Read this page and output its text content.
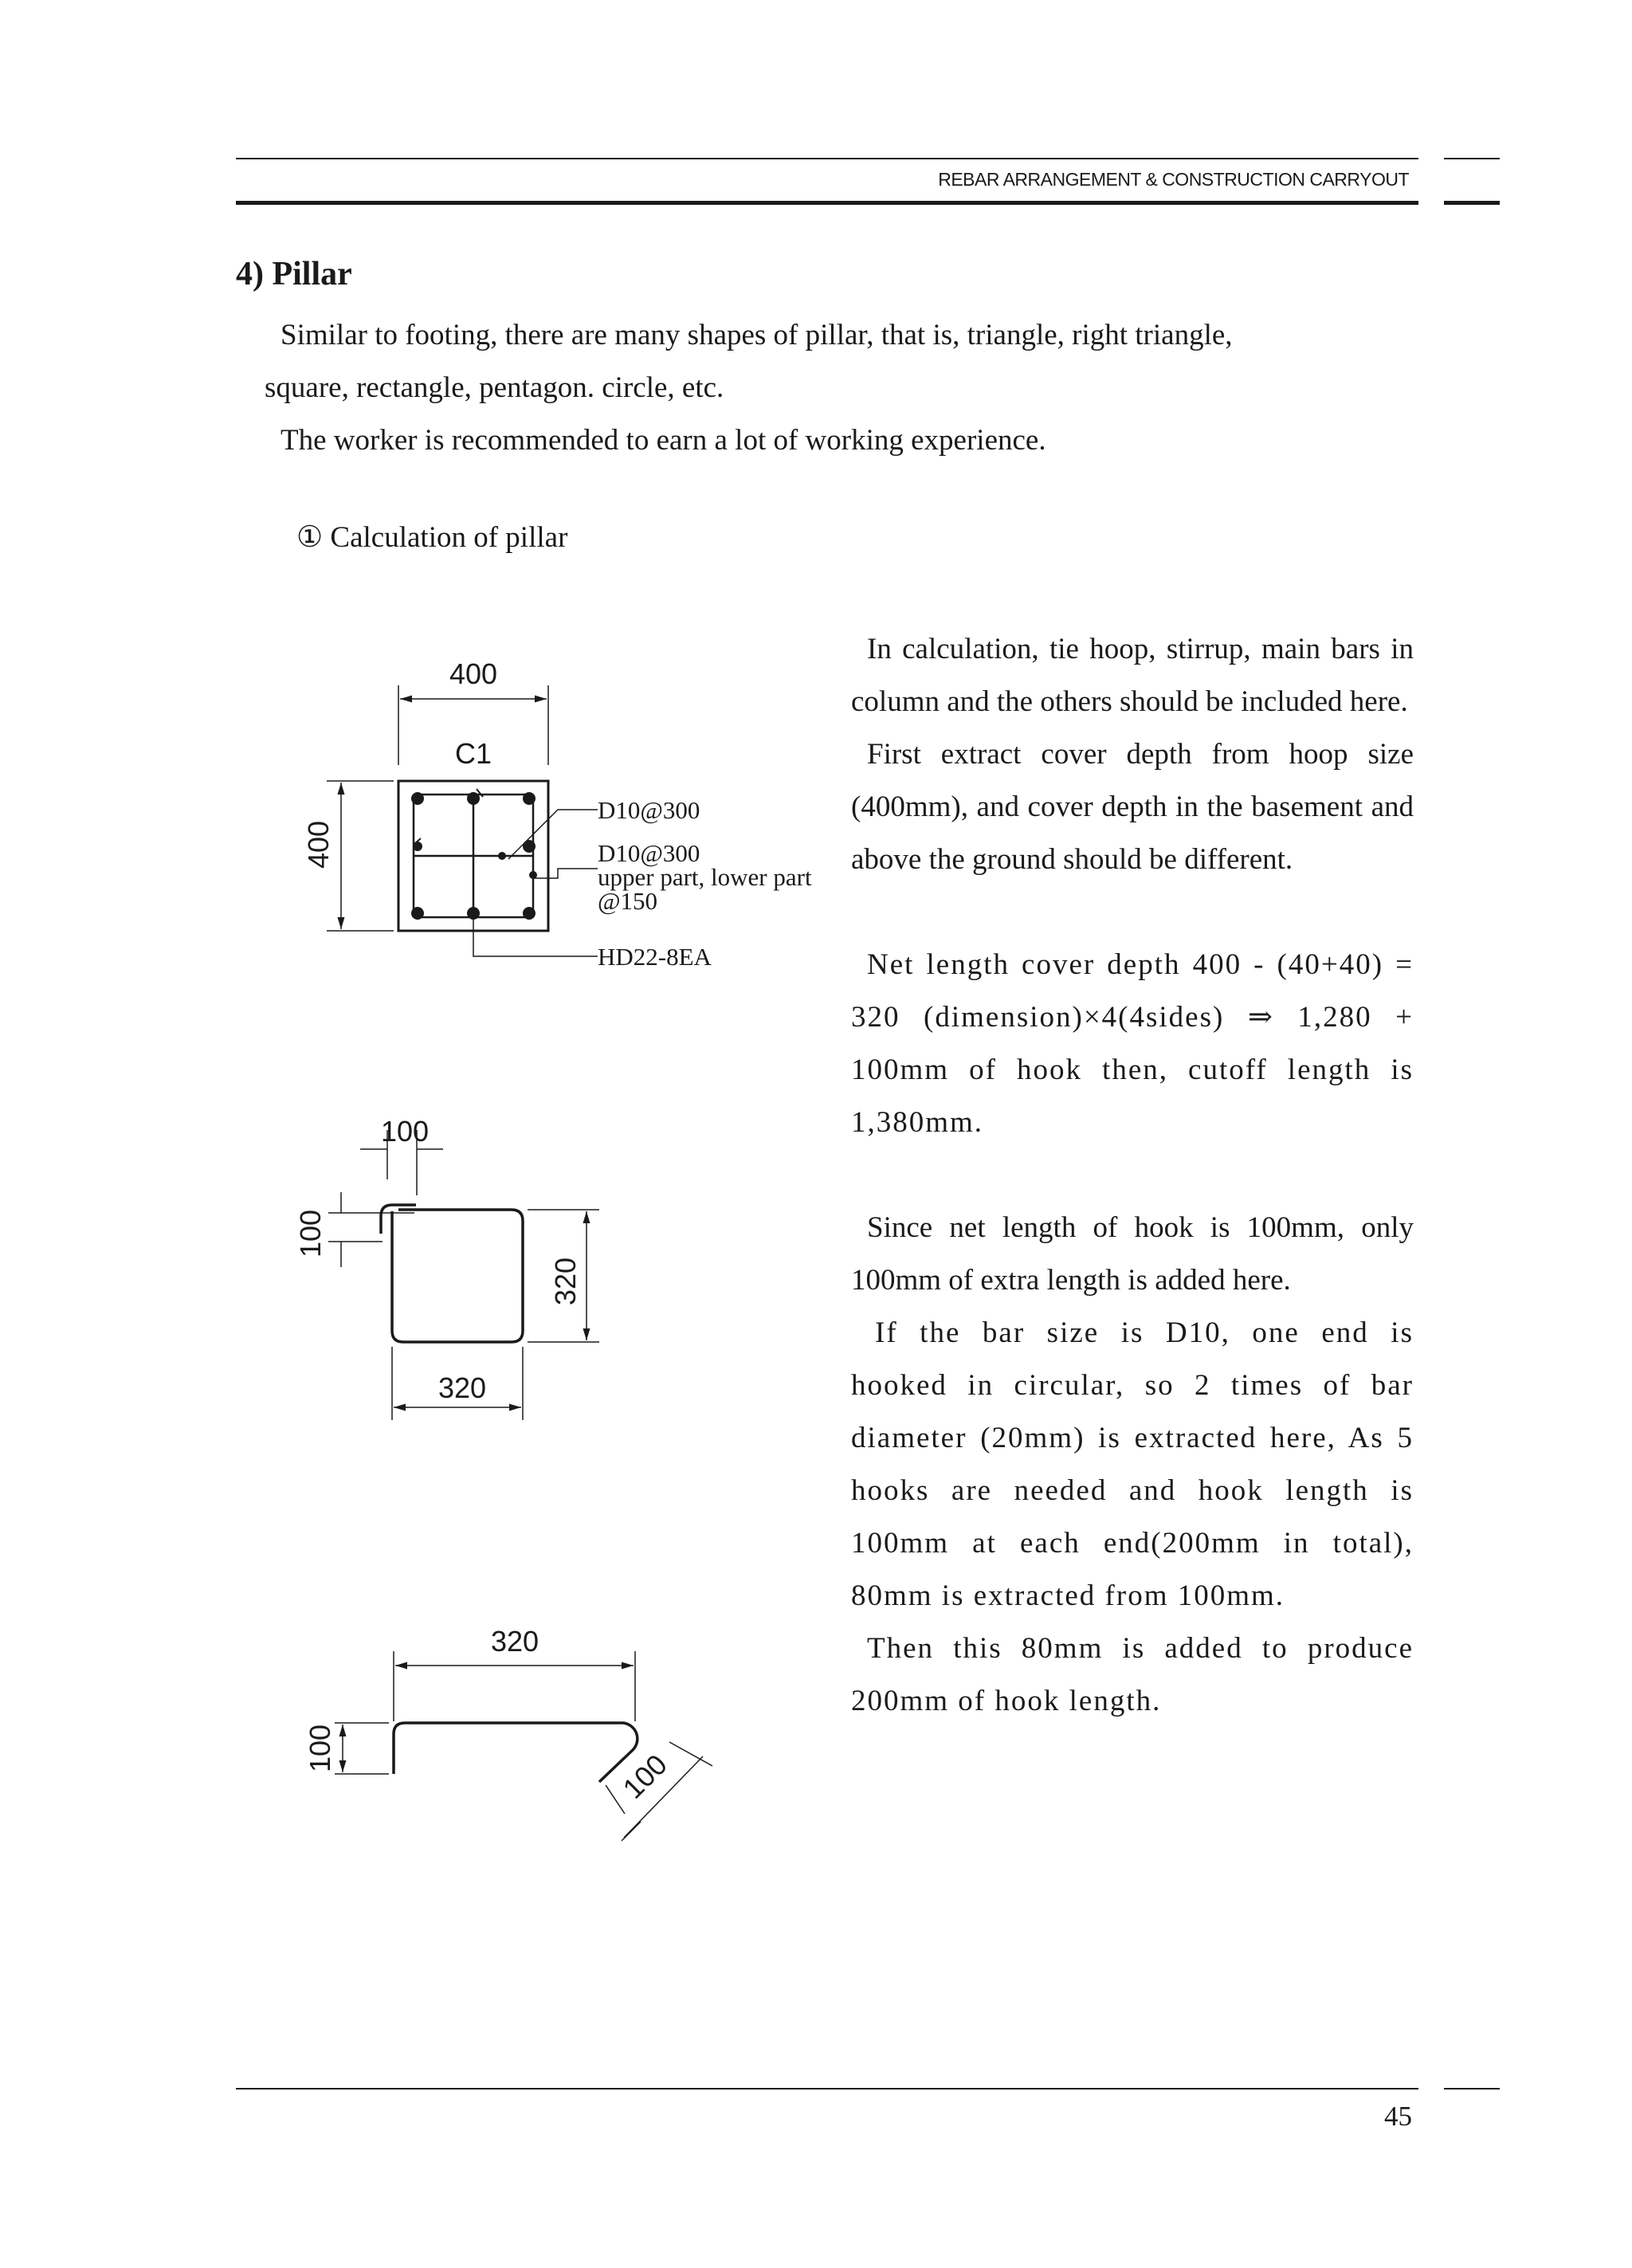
REBAR ARRANGEMENT & CONSTRUCTION CARRYOUT
4) Pillar

Similar to footing, there are many shapes of pillar, that is, triangle, right triangle,

square, rectangle, pentagon. circle, etc.

The worker is recommended to earn a lot of working experience.

① Calculation of pillar

In calculation, tie hoop, stirrup, main bars in column and the others should be included here.

First extract cover depth from hoop size (400mm), and cover depth in the basement and above the ground should be different.

Net length cover depth 400 - (40+40) = 320 (dimension)×4(4sides) ⇒ 1,280 + 100mm of hook then, cutoff length is 1,380mm.

Since net length of hook is 100mm, only 100mm of extra length is added here.

If the bar size is D10, one end is hooked in circular, so 2 times of bar diameter (20mm) is extracted here, As 5 hooks are needed and hook length is 100mm at each end(200mm in total), 80mm is extracted from 100mm.

Then this 80mm is added to produce 200mm of hook length.

400
C1
400
D10@300
D10@300
upper part, lower part
@150
HD22-8EA
100
100
320
320
320
100	100
45
